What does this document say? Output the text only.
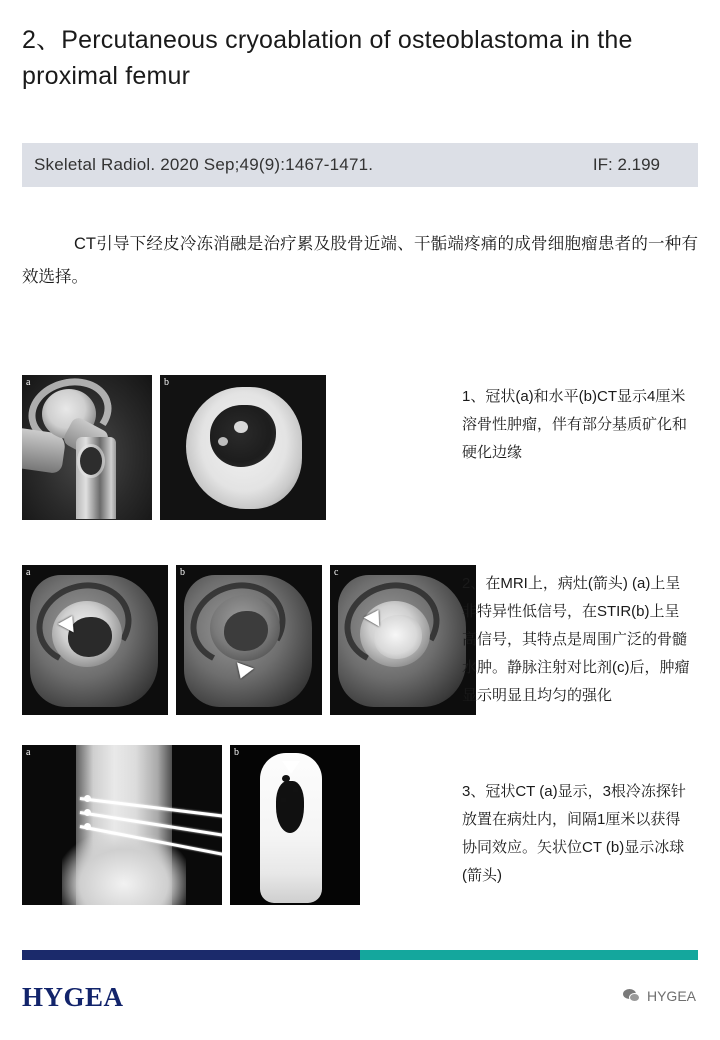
2、Percutaneous cryoablation of osteoblastoma in the proximal femur
Skeletal Radiol. 2020 Sep;49(9):1467-1471.	IF: 2.199
CT引导下经皮冷冻消融是治疗累及股骨近端、干骺端疼痛的成骨细胞瘤患者的一种有效选择。
a	b
1、冠状(a)和水平(b)CT显示4厘米溶骨性肿瘤，伴有部分基质矿化和硬化边缘
a	b	c
2、在MRI上，病灶(箭头) (a)上呈非特异性低信号，在STIR(b)上呈高信号，其特点是周围广泛的骨髓水肿。静脉注射对比剂(c)后，肿瘤显示明显且均匀的强化
a	b
3、冠状CT (a)显示，3根冷冻探针放置在病灶内，间隔1厘米以获得协同效应。矢状位CT (b)显示冰球(箭头)
HYGEA	HYGEA
